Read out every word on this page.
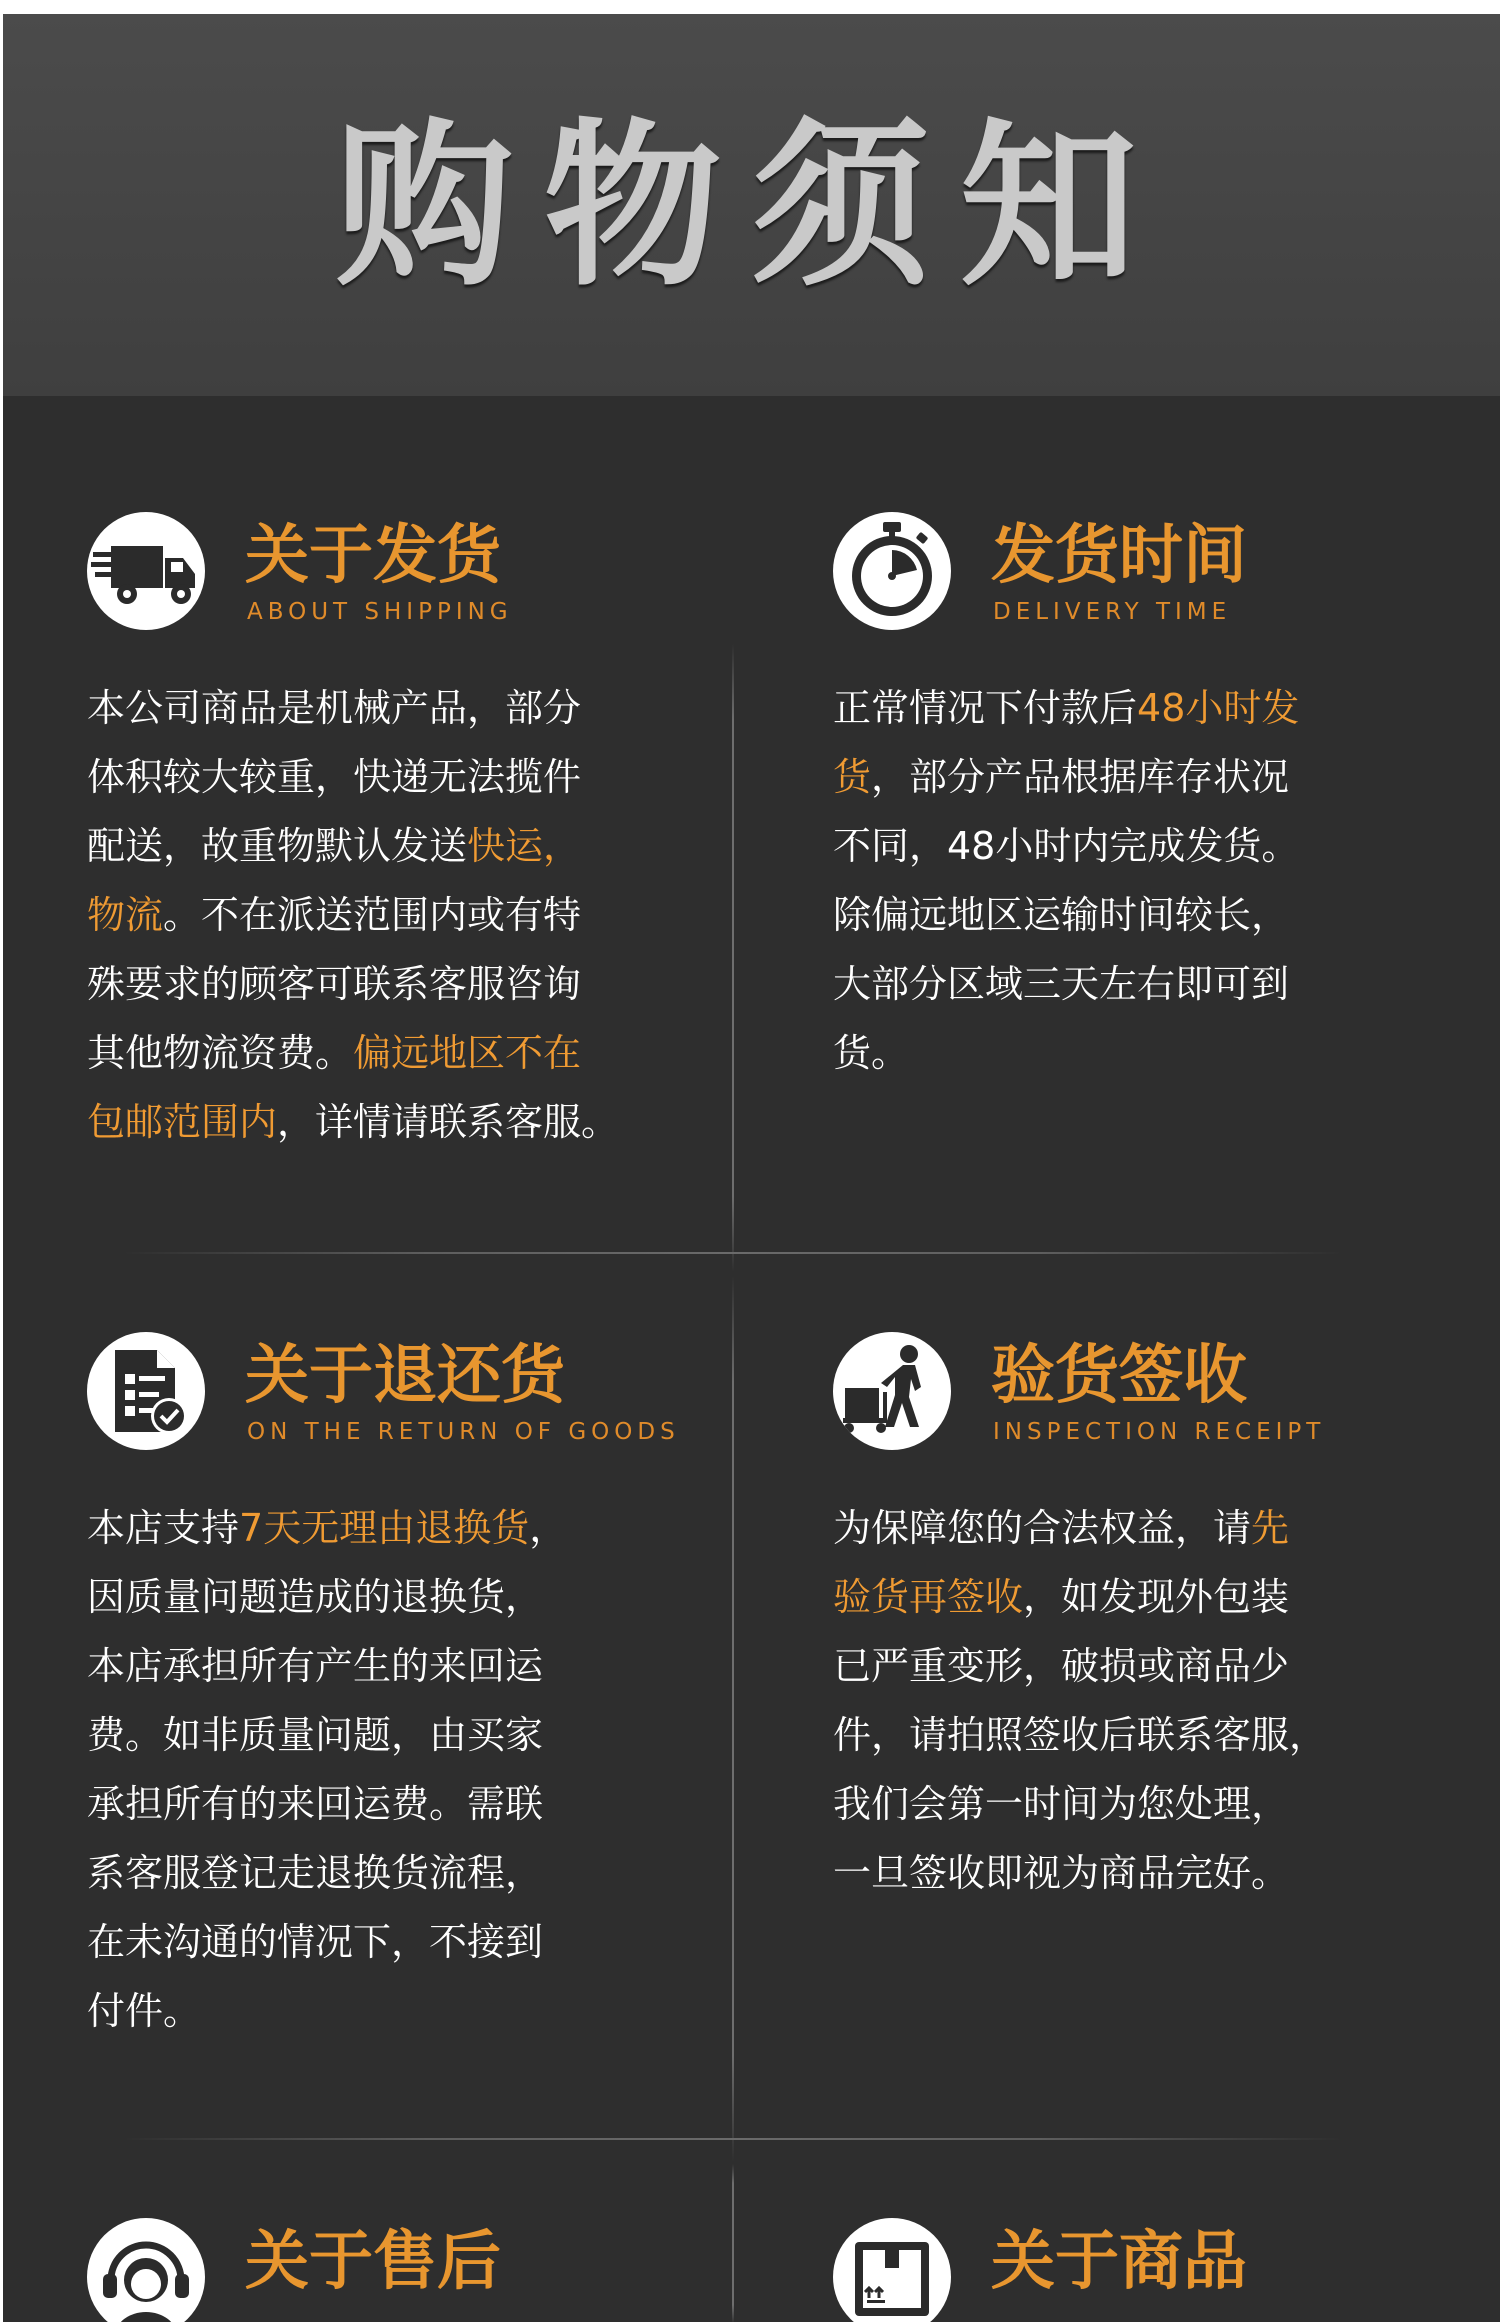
购物须知
关于发货
ABOUT SHIPPING
本公司商品是机械产品，部分
体积较大较重，快递无法揽件
配送，故重物默认发送快运，
物流。不在派送范围内或有特
殊要求的顾客可联系客服咨询
其他物流资费。偏远地区不在
包邮范围内，详情请联系客服。
发货时间
DELIVERY TIME
正常情况下付款后48小时发
货，部分产品根据库存状况
不同，48小时内完成发货。
除偏远地区运输时间较长，
大部分区域三天左右即可到
货。
关于退还货
ON THE RETURN OF GOODS
本店支持7天无理由退换货，
因质量问题造成的退换货，
本店承担所有产生的来回运
费。如非质量问题，由买家
承担所有的来回运费。需联
系客服登记走退换货流程，
在未沟通的情况下，不接到
付件。
验货签收
INSPECTION RECEIPT
为保障您的合法权益，请先
验货再签收，如发现外包装
已严重变形，破损或商品少
件，请拍照签收后联系客服，
我们会第一时间为您处理，
一旦签收即视为商品完好。
关于售后	关于商品
